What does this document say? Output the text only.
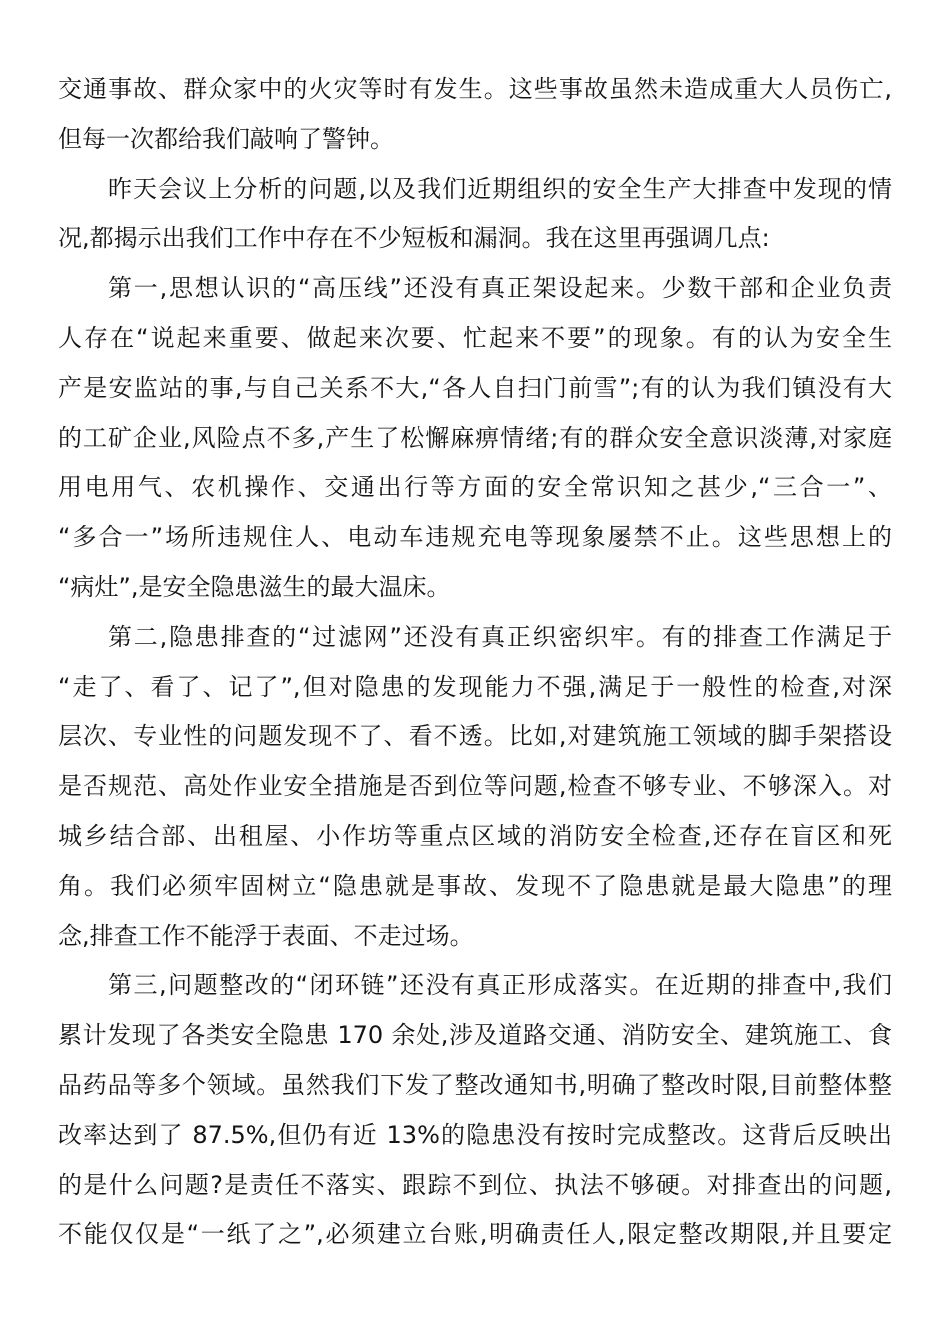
交通事故、群众家中的火灾等时有发生。这些事故虽然未造成重大人员伤亡,
但每一次都给我们敲响了警钟。
昨天会议上分析的问题,以及我们近期组织的安全生产大排查中发现的情
况,都揭示出我们工作中存在不少短板和漏洞。我在这里再强调几点:
第一,思想认识的“高压线”还没有真正架设起来。少数干部和企业负责
人存在“说起来重要、做起来次要、忙起来不要”的现象。有的认为安全生
产是安监站的事,与自己关系不大,“各人自扫门前雪”;有的认为我们镇没有大
的工矿企业,风险点不多,产生了松懈麻痹情绪;有的群众安全意识淡薄,对家庭
用电用气、农机操作、交通出行等方面的安全常识知之甚少,“三合一”、
“多合一”场所违规住人、电动车违规充电等现象屡禁不止。这些思想上的
“病灶”,是安全隐患滋生的最大温床。
第二,隐患排查的“过滤网”还没有真正织密织牢。有的排查工作满足于
“走了、看了、记了”,但对隐患的发现能力不强,满足于一般性的检查,对深
层次、专业性的问题发现不了、看不透。比如,对建筑施工领域的脚手架搭设
是否规范、高处作业安全措施是否到位等问题,检查不够专业、不够深入。对
城乡结合部、出租屋、小作坊等重点区域的消防安全检查,还存在盲区和死
角。我们必须牢固树立“隐患就是事故、发现不了隐患就是最大隐患”的理
念,排查工作不能浮于表面、不走过场。
第三,问题整改的“闭环链”还没有真正形成落实。在近期的排查中,我们
累计发现了各类安全隐患 170 余处,涉及道路交通、消防安全、建筑施工、食
品药品等多个领域。虽然我们下发了整改通知书,明确了整改时限,目前整体整
改率达到了 87.5%,但仍有近 13%的隐患没有按时完成整改。这背后反映出
的是什么问题?是责任不落实、跟踪不到位、执法不够硬。对排查出的问题,
不能仅仅是“一纸了之”,必须建立台账,明确责任人,限定整改期限,并且要定
